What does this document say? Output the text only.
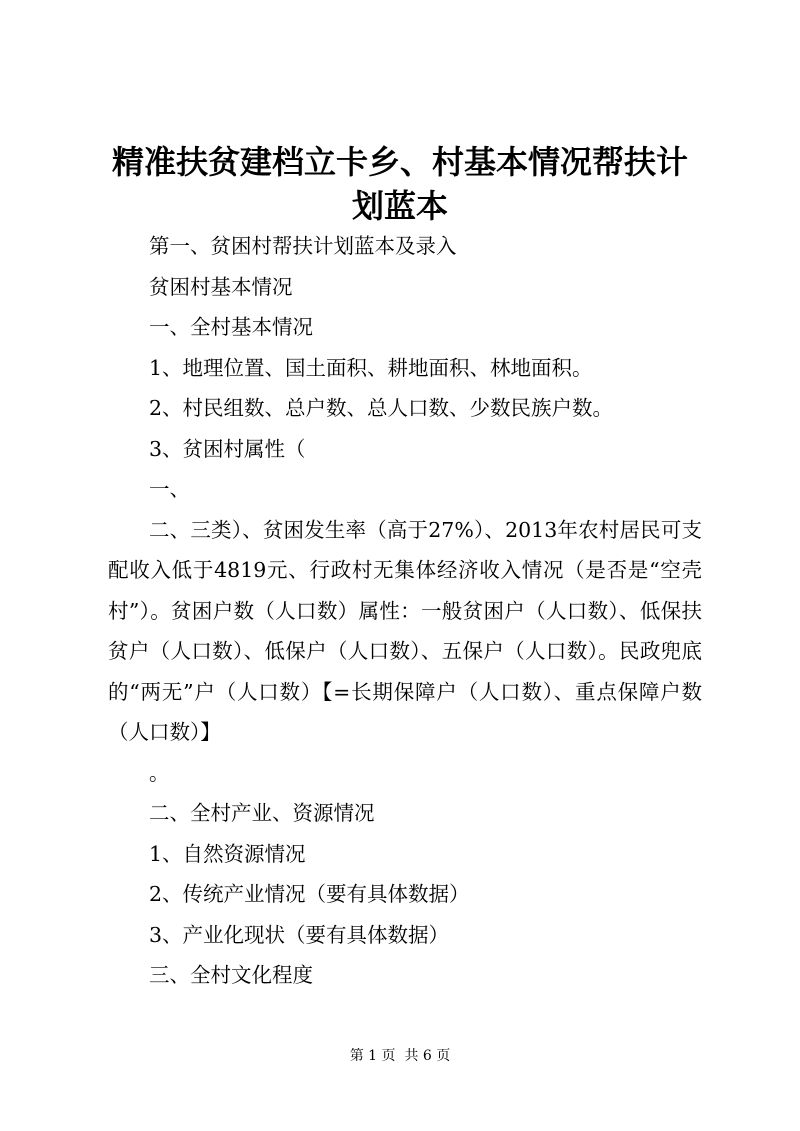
精准扶贫建档立卡乡、村基本情况帮扶计划蓝本

第一、贫困村帮扶计划蓝本及录入

贫困村基本情况

一、全村基本情况

1、地理位置、国土面积、耕地面积、林地面积。

2、村民组数、总户数、总人口数、少数民族户数。

3、贫困村属性（

一、

二、三类）、贫困发生率（高于27%）、2013年农村居民可支配收入低于4819元、行政村无集体经济收入情况（是否是“空壳村”）。贫困户数（人口数）属性：一般贫困户（人口数）、低保扶贫户（人口数）、低保户（人口数）、五保户（人口数）。民政兜底的“两无”户（人口数）【=长期保障户（人口数）、重点保障户数（人口数）】

。

二、全村产业、资源情况

1、自然资源情况

2、传统产业情况（要有具体数据）

3、产业化现状（要有具体数据）

三、全村文化程度

第 1 页  共 6 页
